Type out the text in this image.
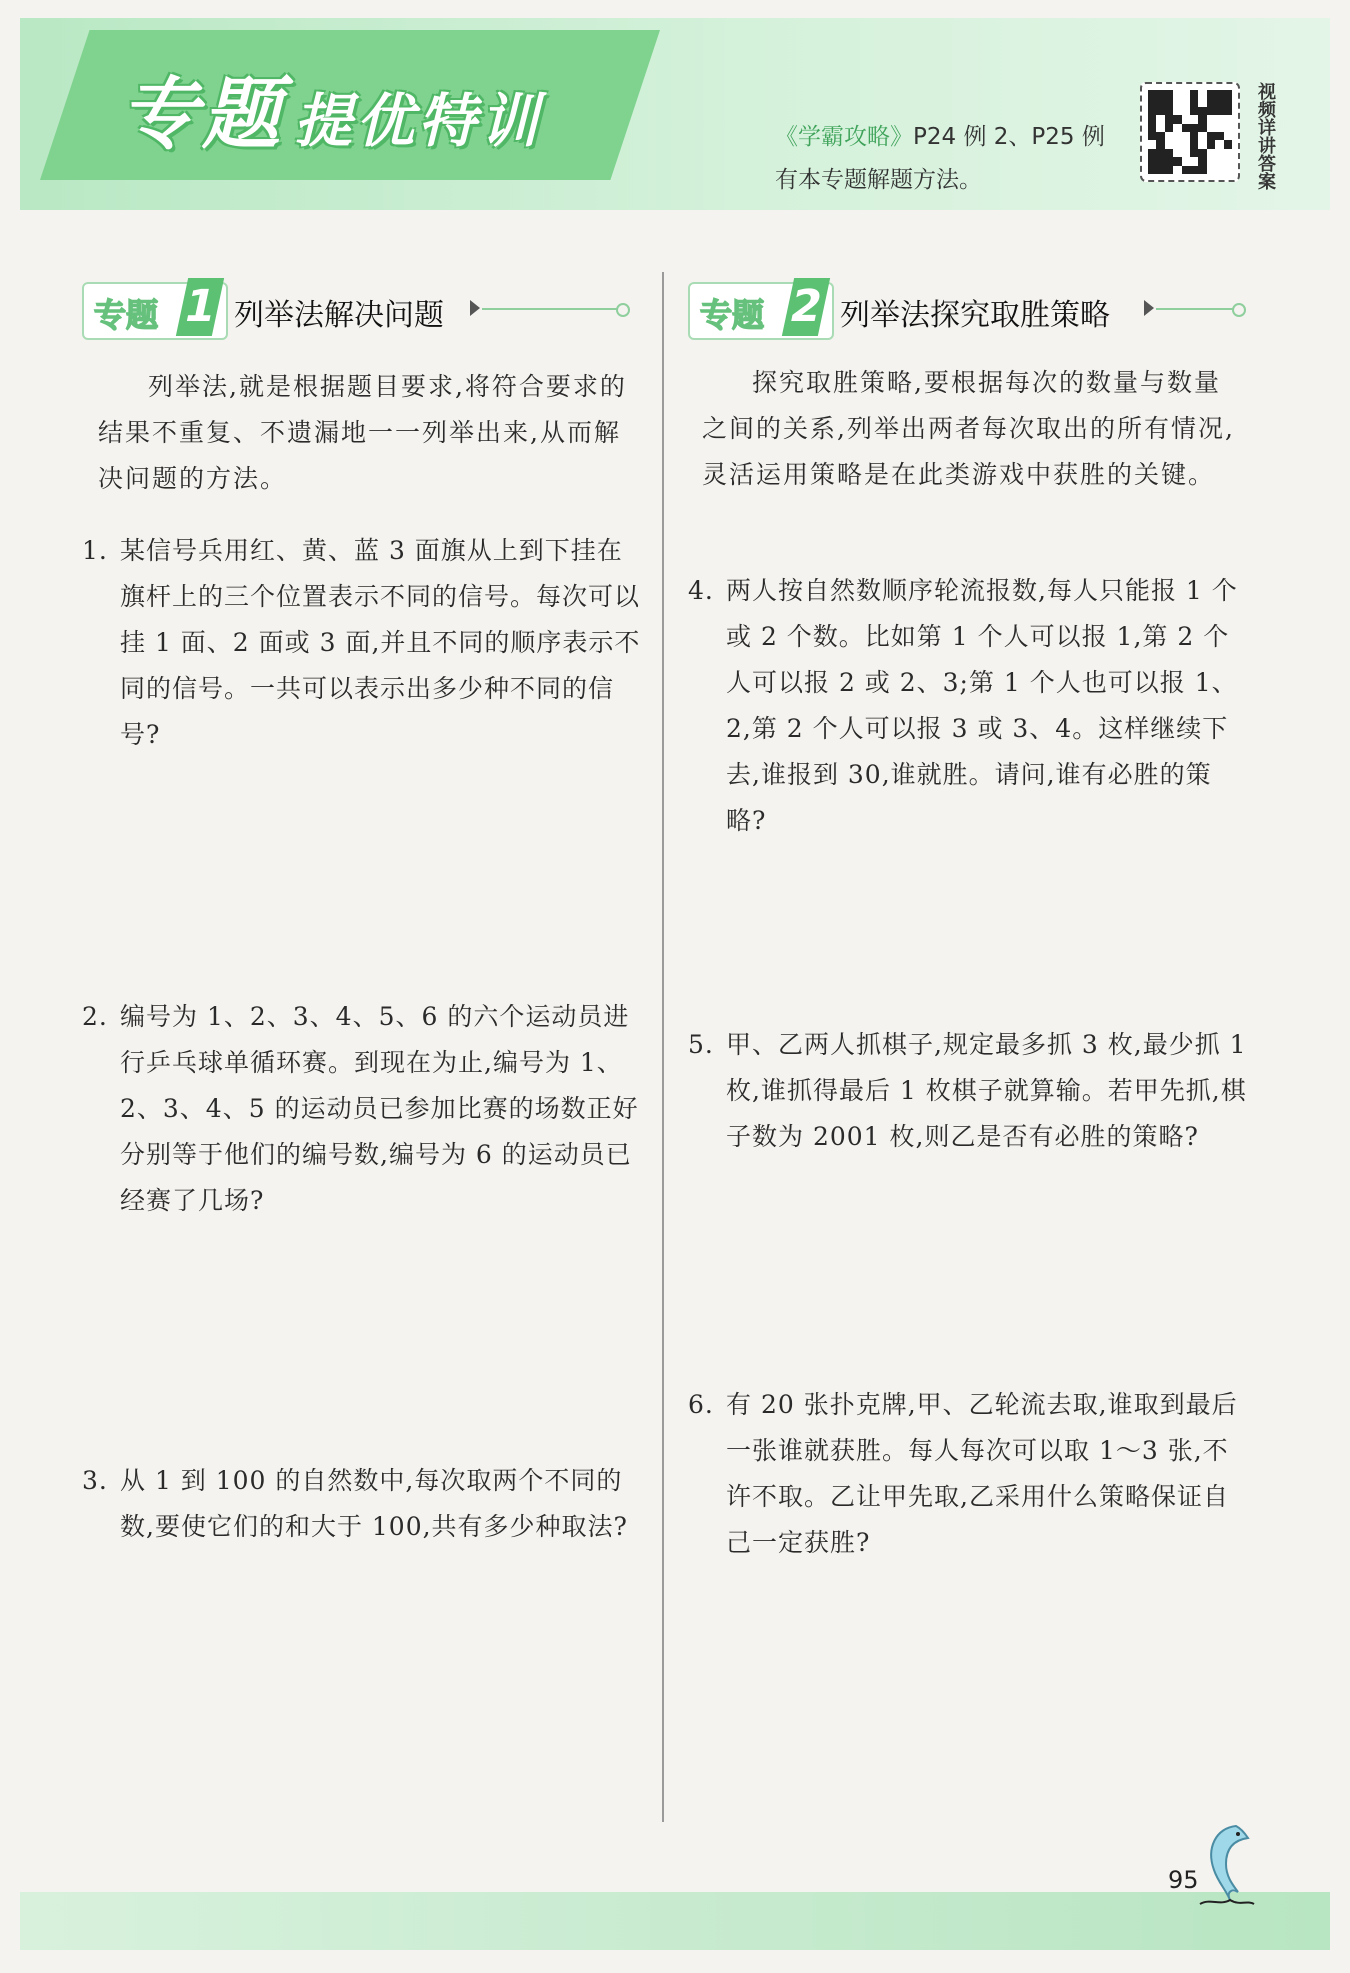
专题 提优特训	《学霸攻略》P24 例 2、P25 例
有本专题解题方法。	视频详讲答案
专题 1 列举法解决问题
列举法,就是根据题目要求,将符合要求的结果不重复、不遗漏地一一列举出来,从而解决问题的方法。
1. 某信号兵用红、黄、蓝 3 面旗从上到下挂在旗杆上的三个位置表示不同的信号。每次可以挂 1 面、2 面或 3 面,并且不同的顺序表示不同的信号。一共可以表示出多少种不同的信号?
2. 编号为 1、2、3、4、5、6 的六个运动员进行乒乓球单循环赛。到现在为止,编号为 1、2、3、4、5 的运动员已参加比赛的场数正好分别等于他们的编号数,编号为 6 的运动员已经赛了几场?
3. 从 1 到 100 的自然数中,每次取两个不同的数,要使它们的和大于 100,共有多少种取法?
专题 2 列举法探究取胜策略
探究取胜策略,要根据每次的数量与数量之间的关系,列举出两者每次取出的所有情况,灵活运用策略是在此类游戏中获胜的关键。
4. 两人按自然数顺序轮流报数,每人只能报 1 个或 2 个数。比如第 1 个人可以报 1,第 2 个人可以报 2 或 2、3;第 1 个人也可以报 1、2,第 2 个人可以报 3 或 3、4。这样继续下去,谁报到 30,谁就胜。请问,谁有必胜的策略?
5. 甲、乙两人抓棋子,规定最多抓 3 枚,最少抓 1 枚,谁抓得最后 1 枚棋子就算输。若甲先抓,棋子数为 2001 枚,则乙是否有必胜的策略?
6. 有 20 张扑克牌,甲、乙轮流去取,谁取到最后一张谁就获胜。每人每次可以取 1～3 张,不许不取。乙让甲先取,乙采用什么策略保证自己一定获胜?
95
